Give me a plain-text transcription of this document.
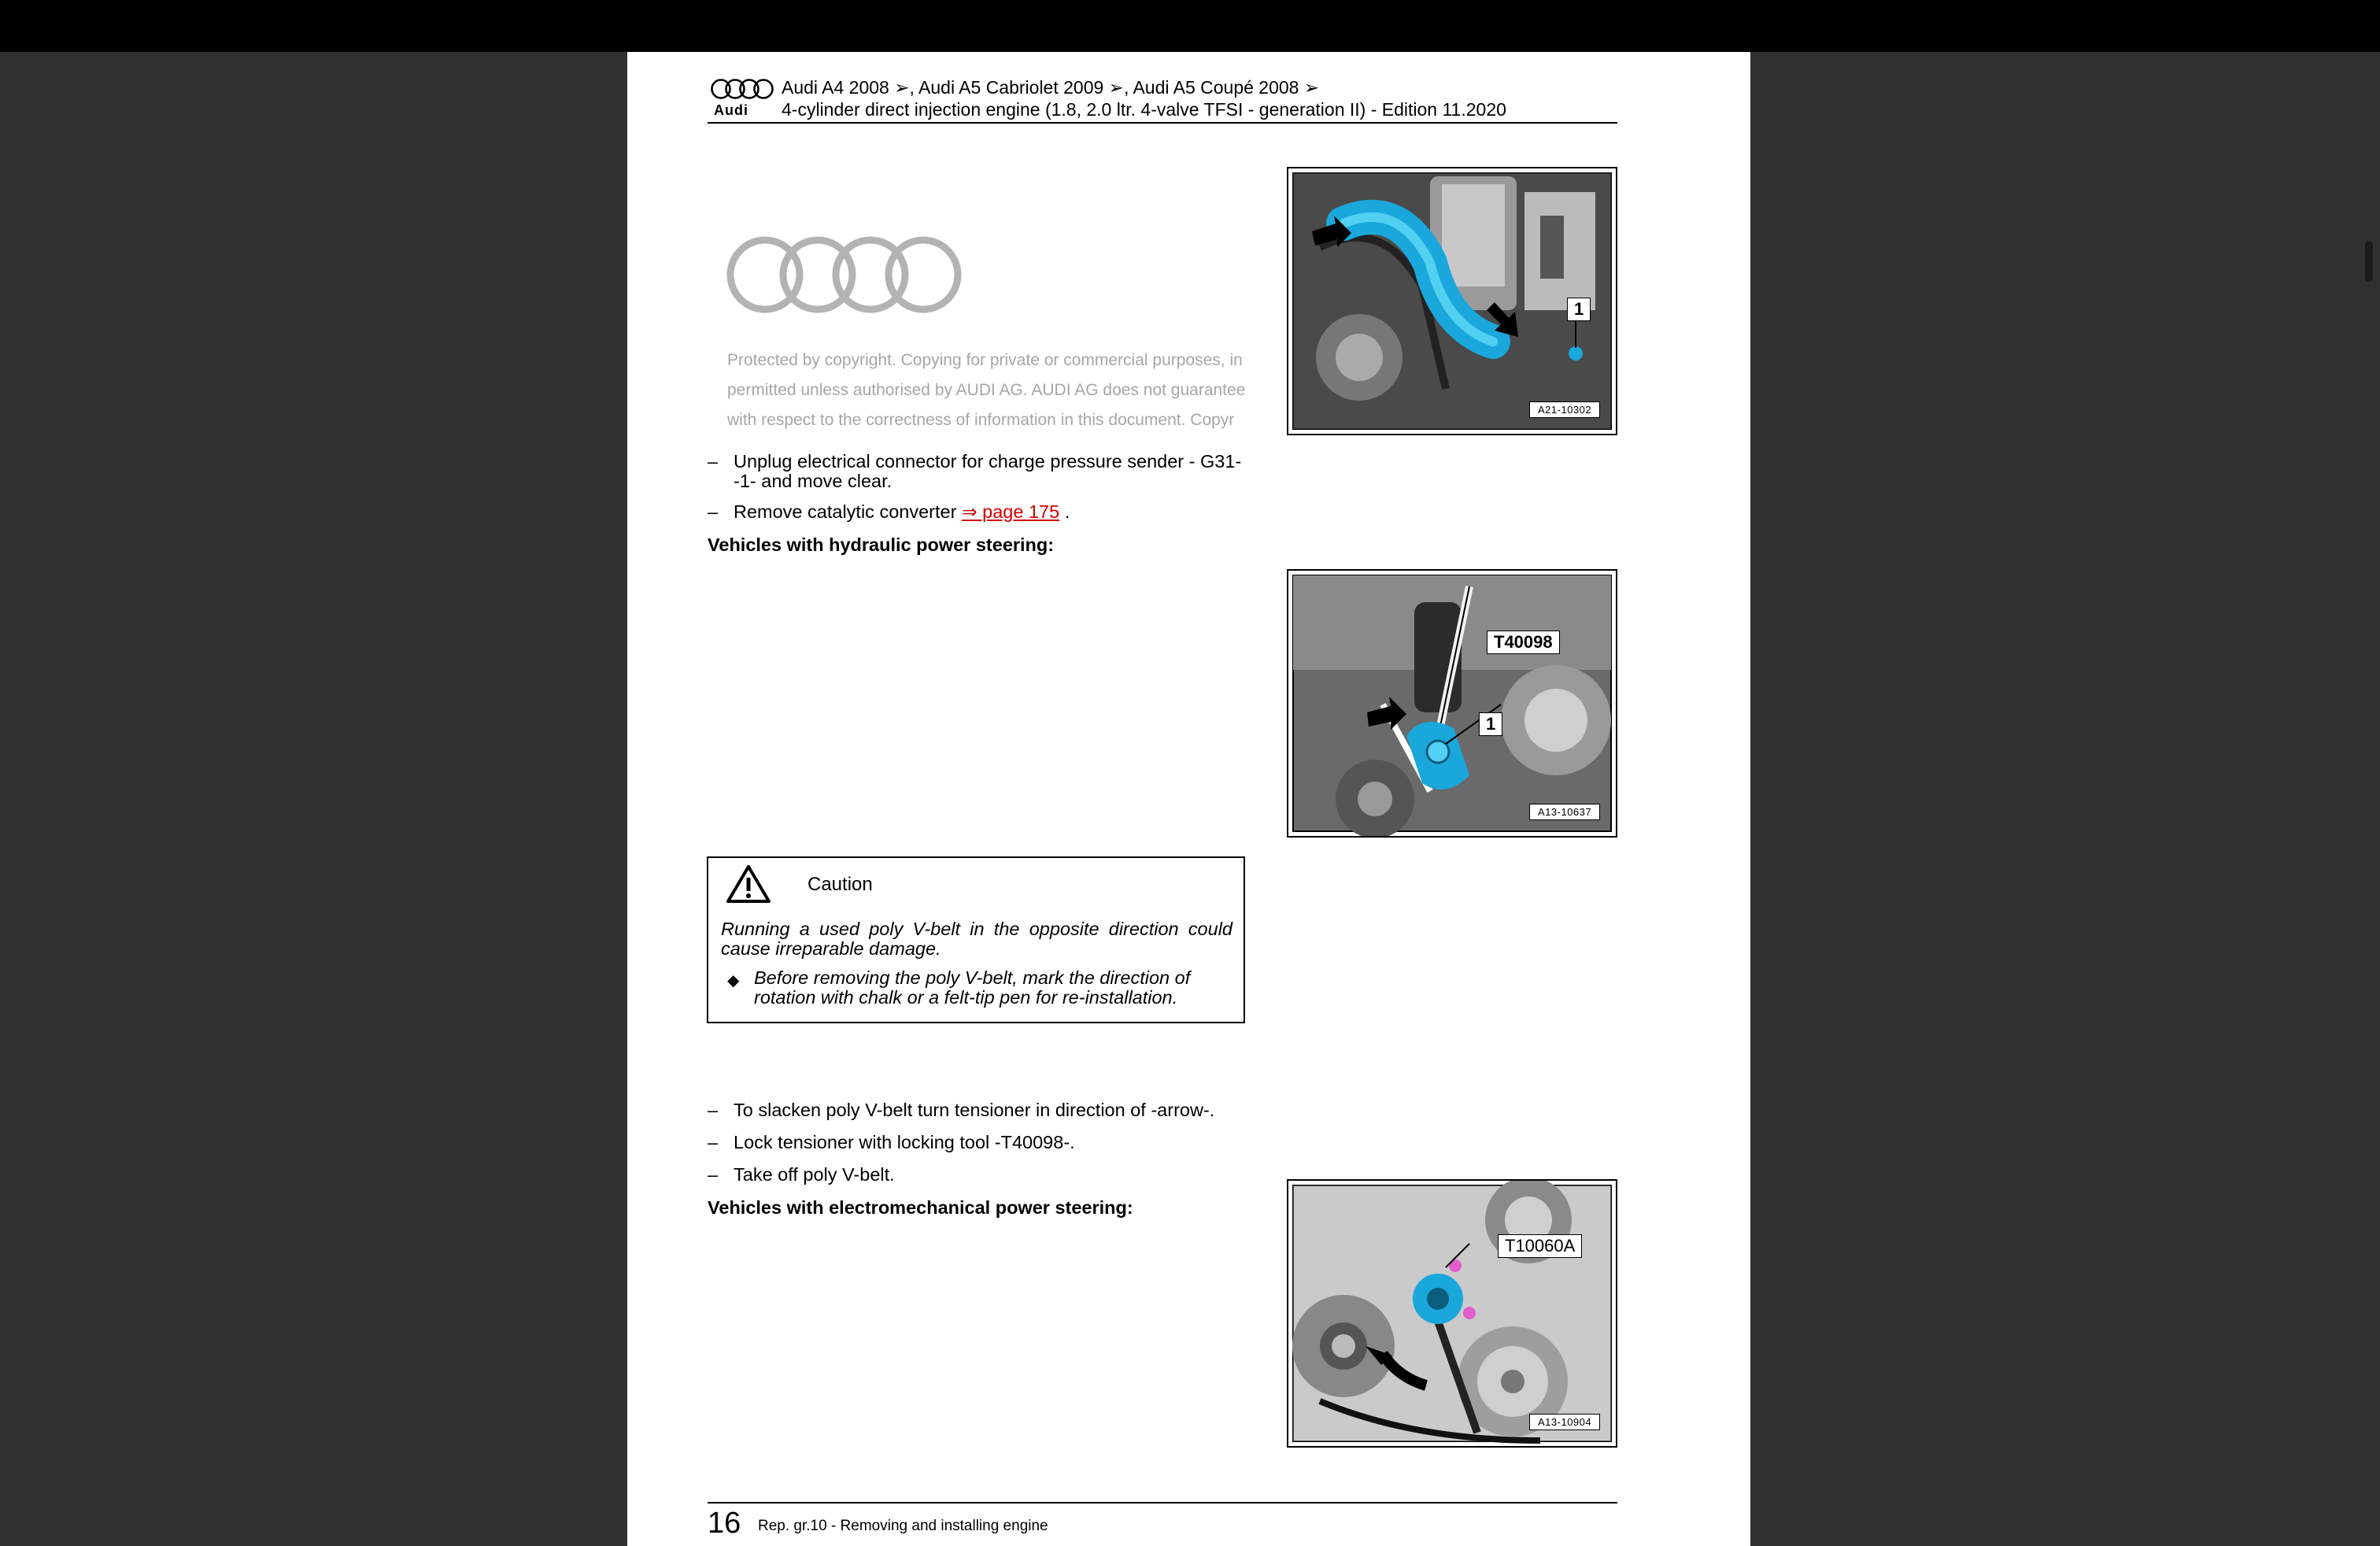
Audi
Audi A4 2008 ➢, Audi A5 Cabriolet 2009 ➢, Audi A5 Coupé 2008 ➢
4-cylinder direct injection engine (1.8, 2.0 ltr. 4-valve TFSI - generation II) - Edition 11.2020
Protected by copyright. Copying for private or commercial purposes, in
permitted unless authorised by AUDI AG. AUDI AG does not guarantee
with respect to the correctness of information in this document. Copyr
1
A21-10302
– Unplug electrical connector for charge pressure sender - G31- -1- and move clear.
– Remove catalytic converter ⇒ page 175 .
Vehicles with hydraulic power steering:
T40098
1
A13-10637
Caution
Running a used poly V-belt in the opposite direction could cause irreparable damage.
◆ Before removing the poly V-belt, mark the direction of rotation with chalk or a felt-tip pen for re-installation.
– To slacken poly V-belt turn tensioner in direction of -arrow-.
– Lock tensioner with locking tool -T40098-.
– Take off poly V-belt.
Vehicles with electromechanical power steering:
T10060A
A13-10904
16 Rep. gr.10 - Removing and installing engine
